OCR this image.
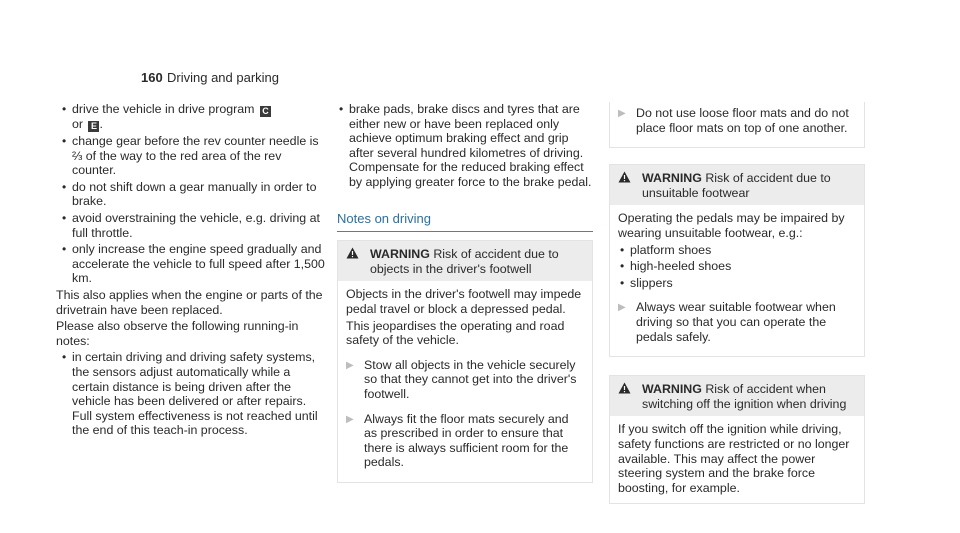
160 Driving and parking
• drive the vehicle in drive program C
or E .
• change gear before the rev counter needle is ⅔ of the way to the red area of the rev counter.
• do not shift down a gear manually in order to brake.
• avoid overstraining the vehicle, e.g. driving at full throttle.
• only increase the engine speed gradually and accelerate the vehicle to full speed after 1,500 km.

This also applies when the engine or parts of the drivetrain have been replaced.

Please also observe the following running-in notes:

• in certain driving and driving safety systems, the sensors adjust automatically while a certain distance is being driven after the vehicle has been delivered or after repairs. Full system effectiveness is not reached until the end of this teach-in process.
• brake pads, brake discs and tyres that are either new or have been replaced only achieve optimum braking effect and grip after several hundred kilometres of driving. Compensate for the reduced braking effect by applying greater force to the brake pedal.
Notes on driving
WARNING Risk of accident due to objects in the driver's footwell

Objects in the driver's footwell may impede pedal travel or block a depressed pedal.

This jeopardises the operating and road safety of the vehicle.

▶ Stow all objects in the vehicle securely so that they cannot get into the driver's footwell.
▶ Always fit the floor mats securely and as prescribed in order to ensure that there is always sufficient room for the pedals.
▶ Do not use loose floor mats and do not place floor mats on top of one another.
WARNING Risk of accident due to unsuitable footwear

Operating the pedals may be impaired by wearing unsuitable footwear, e.g.:

• platform shoes
• high-heeled shoes
• slippers
▶ Always wear suitable footwear when driving so that you can operate the pedals safely.
WARNING Risk of accident when switching off the ignition when driving

If you switch off the ignition while driving, safety functions are restricted or no longer available. This may affect the power steering system and the brake force boosting, for example.
